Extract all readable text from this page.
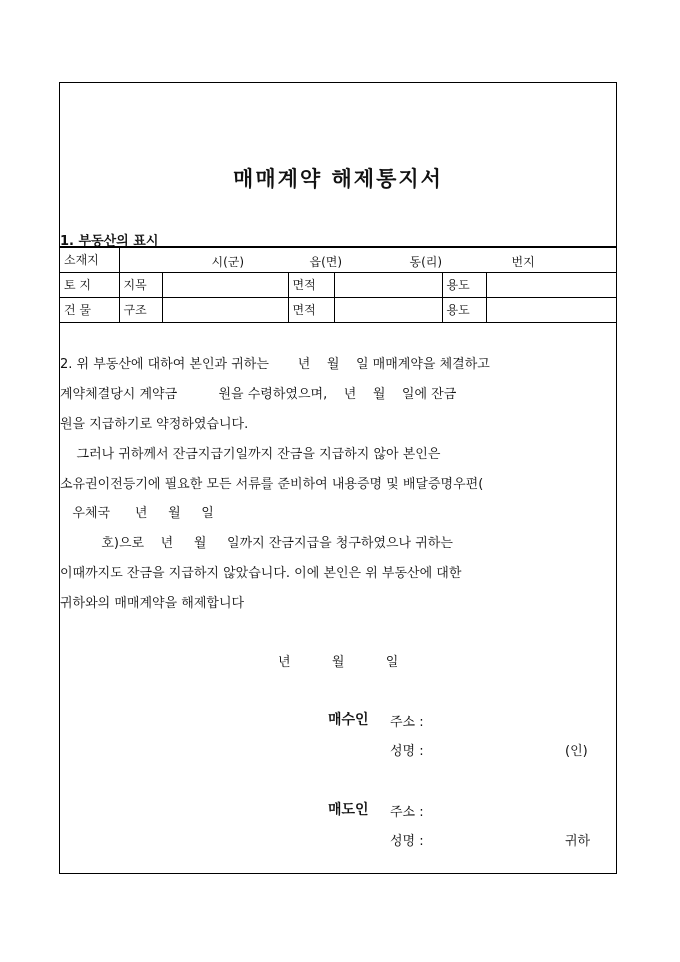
매매계약 해제통지서
1. 부동산의 표시
소재지	시(군) 읍(면) 동(리) 번지					

토 지	지목		면적		용도	
건 물	구조		면적		용도	
2. 위 부동산에 대하여 본인과 귀하는       년    월    일 매매계약을 체결하고
계약체결당시 계약금          원을 수령하였으며,    년    월    일에 잔금
원을 지급하기로 약정하였습니다.
그러나 귀하께서 잔금지급기일까지 잔금을 지급하지 않아 본인은
소유권이전등기에 필요한 모든 서류를 준비하여 내용증명 및 배달증명우편(
우체국      년     월     일
호)으로    년     월     일까지 잔금지급을 청구하였으나 귀하는
이때까지도 잔금을 지급하지 않았습니다. 이에 본인은 위 부동산에 대한
귀하와의 매매계약을 해제합니다
년          월          일
매수인 주소 :
성명 :	(인)
매도인 주소 :
성명 :	귀하
